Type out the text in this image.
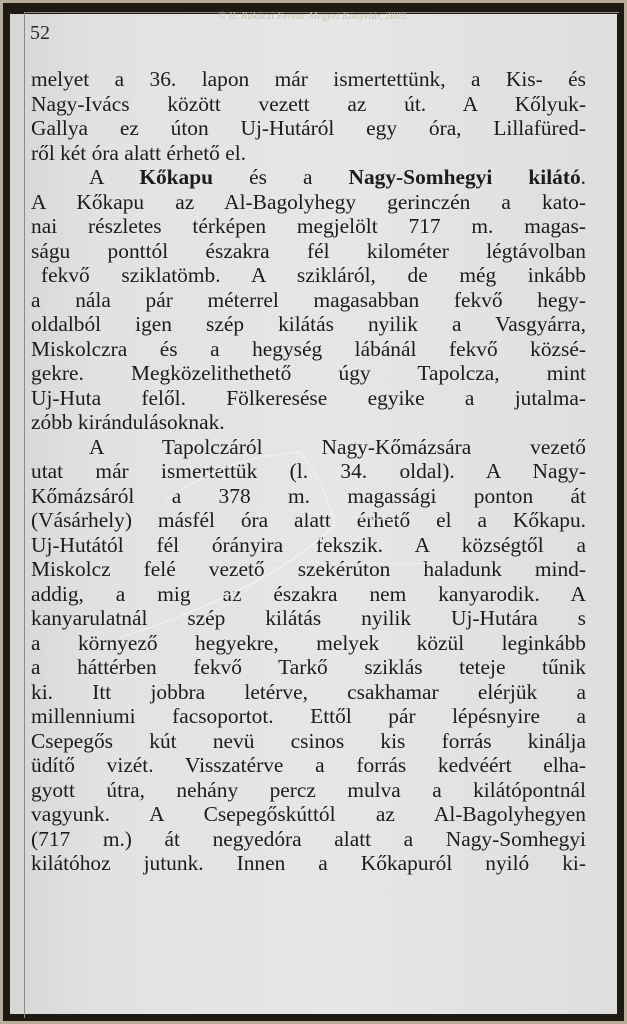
© II. Rákóczi Ferenc Megyei Könyvtár, 2009.
52
melyet a 36. lapon már ismertettünk, a Kis- és
Nagy-Ivács között vezett az út. A Kőlyuk-
Gallya ez úton Uj-Hutáról egy óra, Lillafüred-
ről két óra alatt érhető el.
A Kőkapu és a Nagy-Somhegyi kilátó.
A Kőkapu az Al-Bagolyhegy gerinczén a kato-
nai részletes térképen megjelölt 717 m. magas-
ságu ponttól északra fél kilométer légtávolban
fekvő sziklatömb. A szikláról, de még inkább
a nála pár méterrel magasabban fekvő hegy-
oldalból igen szép kilátás nyilik a Vasgyárra,
Miskolczra és a hegység lábánál fekvő közsé-
gekre. Megközelithethető úgy Tapolcza, mint
Uj-Huta felől. Fölkeresése egyike a jutalma-
zóbb kirándulásoknak.
A Tapolczáról Nagy-Kőmázsára vezető
utat már ismertettük (l. 34. oldal). A Nagy-
Kőmázsáról a 378 m. magassági ponton át
(Vásárhely) másfél óra alatt érhető el a Kőkapu.
Uj-Hutától fél órányira fekszik. A községtől a
Miskolcz felé vezető szekérúton haladunk mind-
addig, a mig az északra nem kanyarodik. A
kanyarulatnál szép kilátás nyilik Uj-Hutára s
a környező hegyekre, melyek közül leginkább
a háttérben fekvő Tarkő sziklás teteje tűnik
ki. Itt jobbra letérve, csakhamar elérjük a
millenniumi facsoportot. Ettől pár lépésnyire a
Csepegős kút nevü csinos kis forrás kinálja
üdítő vizét. Visszatérve a forrás kedvéért elha-
gyott útra, nehány percz mulva a kilátópontnál
vagyunk. A Csepegőskúttól az Al-Bagolyhegyen
(717 m.) át negyedóra alatt a Nagy-Somhegyi
kilátóhoz jutunk. Innen a Kőkapuról nyiló ki-
